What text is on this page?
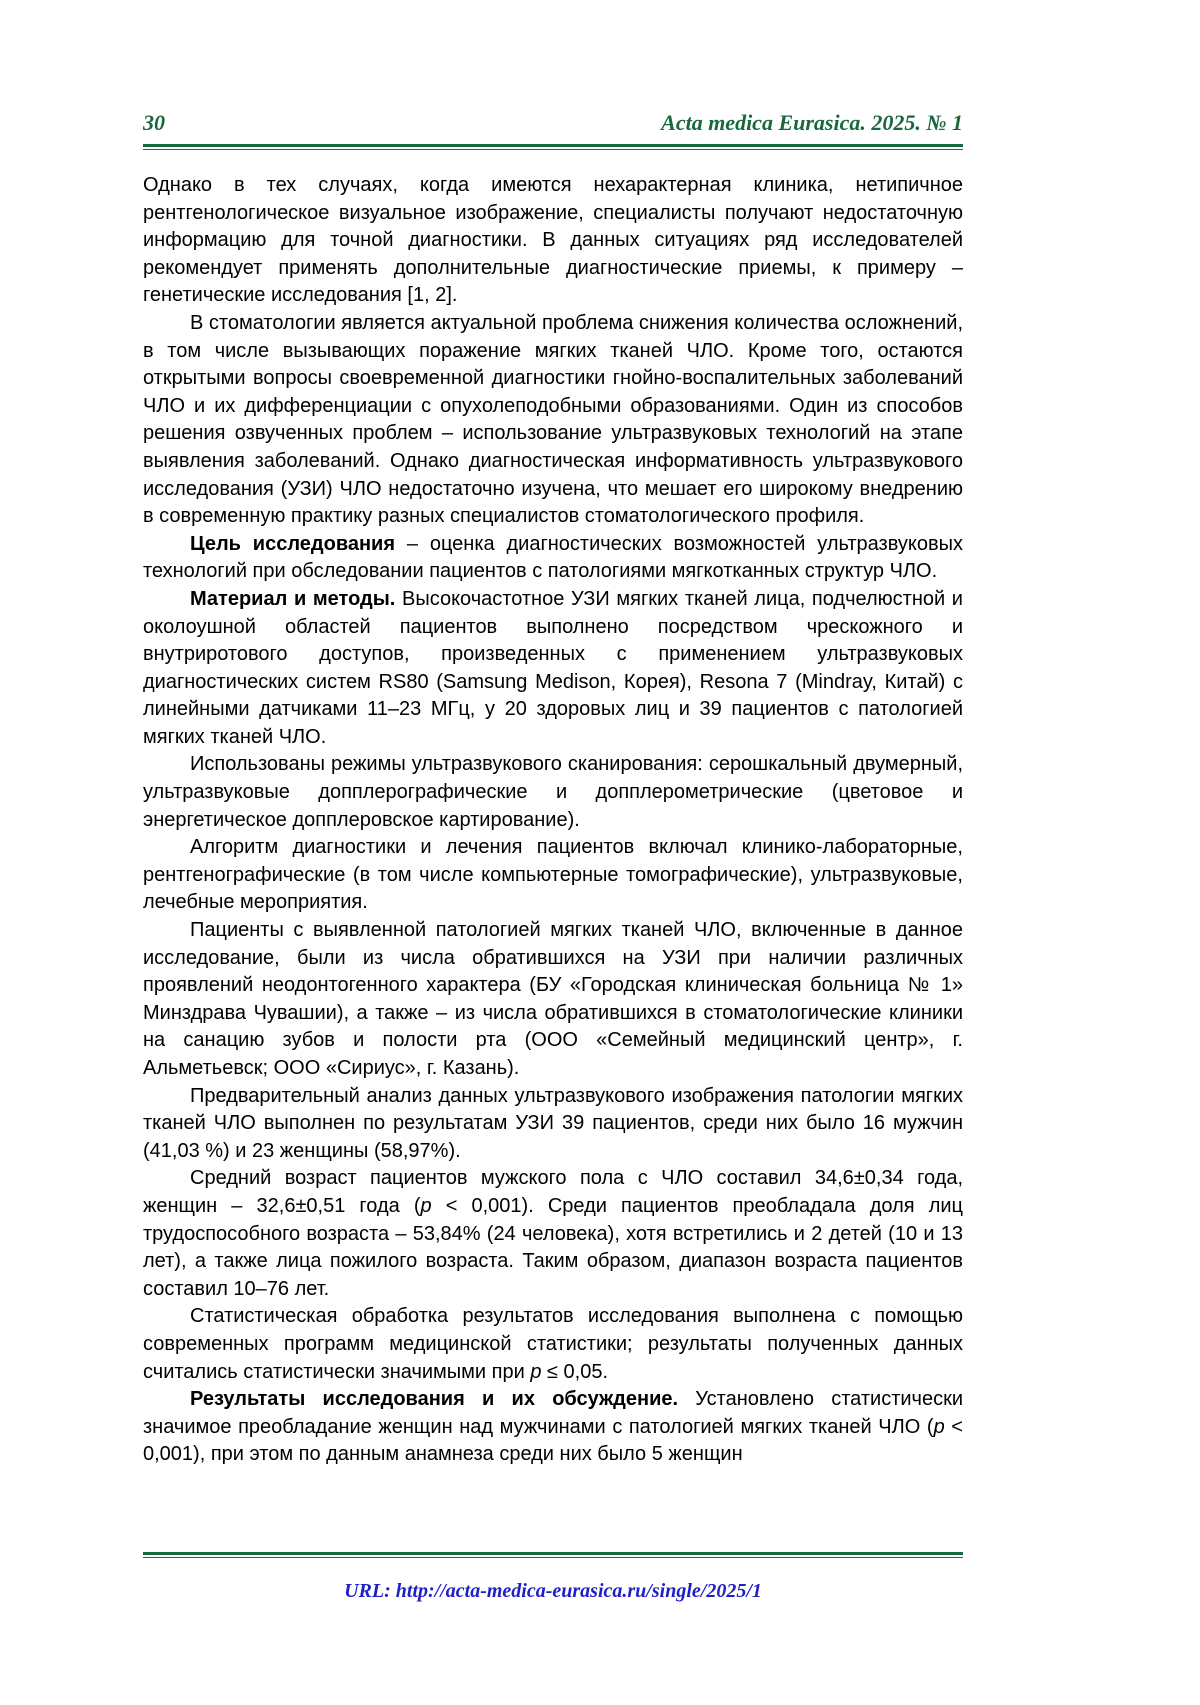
30	Acta medica Eurasica. 2025. № 1

Однако в тех случаях, когда имеются нехарактерная клиника, нетипичное рентгенологическое визуальное изображение, специалисты получают недостаточную информацию для точной диагностики. В данных ситуациях ряд исследователей рекомендует применять дополнительные диагностические приемы, к примеру – генетические исследования [1, 2].

В стоматологии является актуальной проблема снижения количества осложнений, в том числе вызывающих поражение мягких тканей ЧЛО. Кроме того, остаются открытыми вопросы своевременной диагностики гнойно-воспалительных заболеваний ЧЛО и их дифференциации с опухолеподобными образованиями. Один из способов решения озвученных проблем – использование ультразвуковых технологий на этапе выявления заболеваний. Однако диагностическая информативность ультразвукового исследования (УЗИ) ЧЛО недостаточно изучена, что мешает его широкому внедрению в современную практику разных специалистов стоматологического профиля.

Цель исследования – оценка диагностических возможностей ультразвуковых технологий при обследовании пациентов с патологиями мягкотканных структур ЧЛО.

Материал и методы. Высокочастотное УЗИ мягких тканей лица, подчелюстной и околоушной областей пациентов выполнено посредством чрескожного и внутриротового доступов, произведенных с применением ультразвуковых диагностических систем RS80 (Samsung Medison, Корея), Resona 7 (Mindray, Китай) с линейными датчиками 11–23 МГц, у 20 здоровых лиц и 39 пациентов с патологией мягких тканей ЧЛО.

Использованы режимы ультразвукового сканирования: серошкальный двумерный, ультразвуковые допплерографические и допплерометрические (цветовое и энергетическое допплеровское картирование).

Алгоритм диагностики и лечения пациентов включал клинико-лабораторные, рентгенографические (в том числе компьютерные томографические), ультразвуковые, лечебные мероприятия.

Пациенты с выявленной патологией мягких тканей ЧЛО, включенные в данное исследование, были из числа обратившихся на УЗИ при наличии различных проявлений неодонтогенного характера (БУ «Городская клиническая больница № 1» Минздрава Чувашии), а также – из числа обратившихся в стоматологические клиники на санацию зубов и полости рта (ООО «Семейный медицинский центр», г. Альметьевск; ООО «Сириус», г. Казань).

Предварительный анализ данных ультразвукового изображения патологии мягких тканей ЧЛО выполнен по результатам УЗИ 39 пациентов, среди них было 16 мужчин (41,03 %) и 23 женщины (58,97%).

Средний возраст пациентов мужского пола с ЧЛО составил 34,6±0,34 года, женщин – 32,6±0,51 года (p < 0,001). Среди пациентов преобладала доля лиц трудоспособного возраста – 53,84% (24 человека), хотя встретились и 2 детей (10 и 13 лет), а также лица пожилого возраста. Таким образом, диапазон возраста пациентов составил 10–76 лет.

Статистическая обработка результатов исследования выполнена с помощью современных программ медицинской статистики; результаты полученных данных считались статистически значимыми при p ≤ 0,05.

Результаты исследования и их обсуждение. Установлено статистически значимое преобладание женщин над мужчинами с патологией мягких тканей ЧЛО (p < 0,001), при этом по данным анамнеза среди них было 5 женщин

URL: http://acta-medica-eurasica.ru/single/2025/1
